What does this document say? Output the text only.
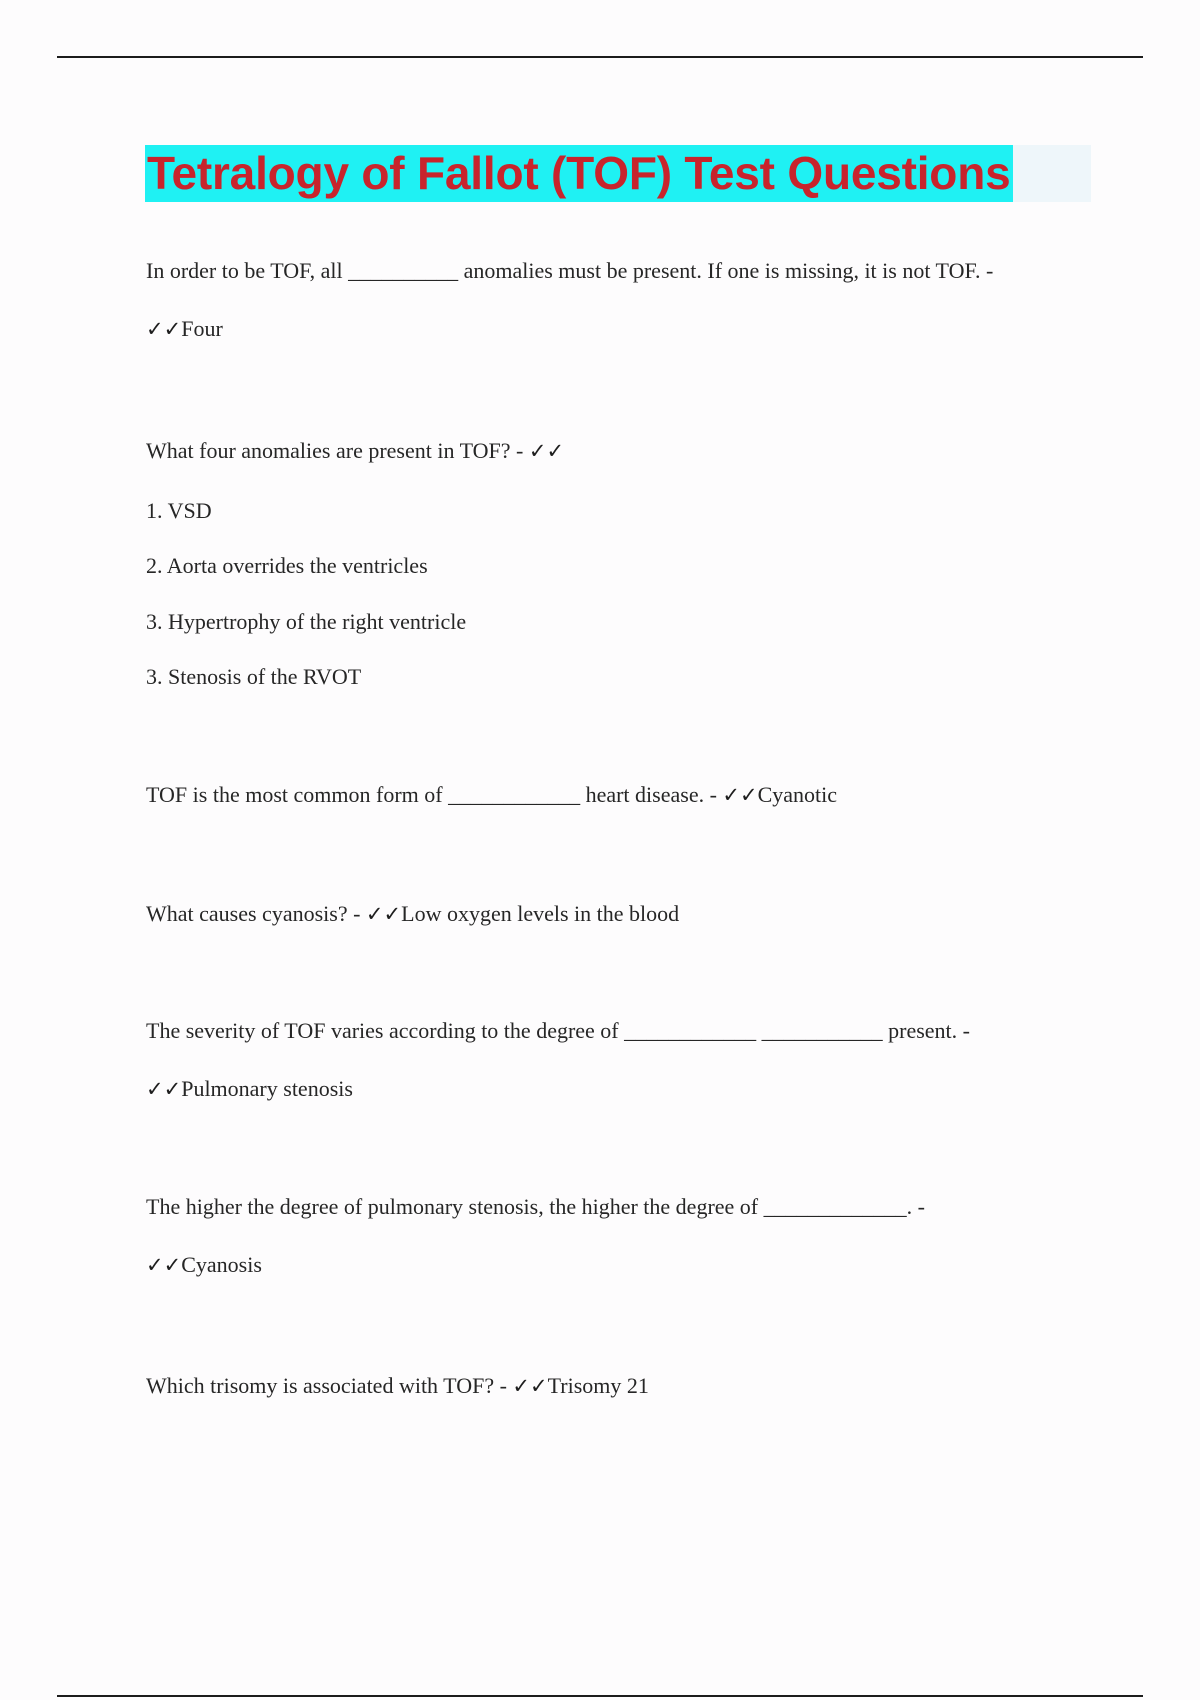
Tetralogy of Fallot (TOF) Test Questions
In order to be TOF, all __________ anomalies must be present. If one is missing, it is not TOF. -
✓✓Four
What four anomalies are present in TOF? - ✓✓
1. VSD
2. Aorta overrides the ventricles
3. Hypertrophy of the right ventricle
3. Stenosis of the RVOT
TOF is the most common form of ____________ heart disease. - ✓✓Cyanotic
What causes cyanosis? - ✓✓Low oxygen levels in the blood
The severity of TOF varies according to the degree of ____________ ___________ present. -
✓✓Pulmonary stenosis
The higher the degree of pulmonary stenosis, the higher the degree of _____________. -
✓✓Cyanosis
Which trisomy is associated with TOF? - ✓✓Trisomy 21
